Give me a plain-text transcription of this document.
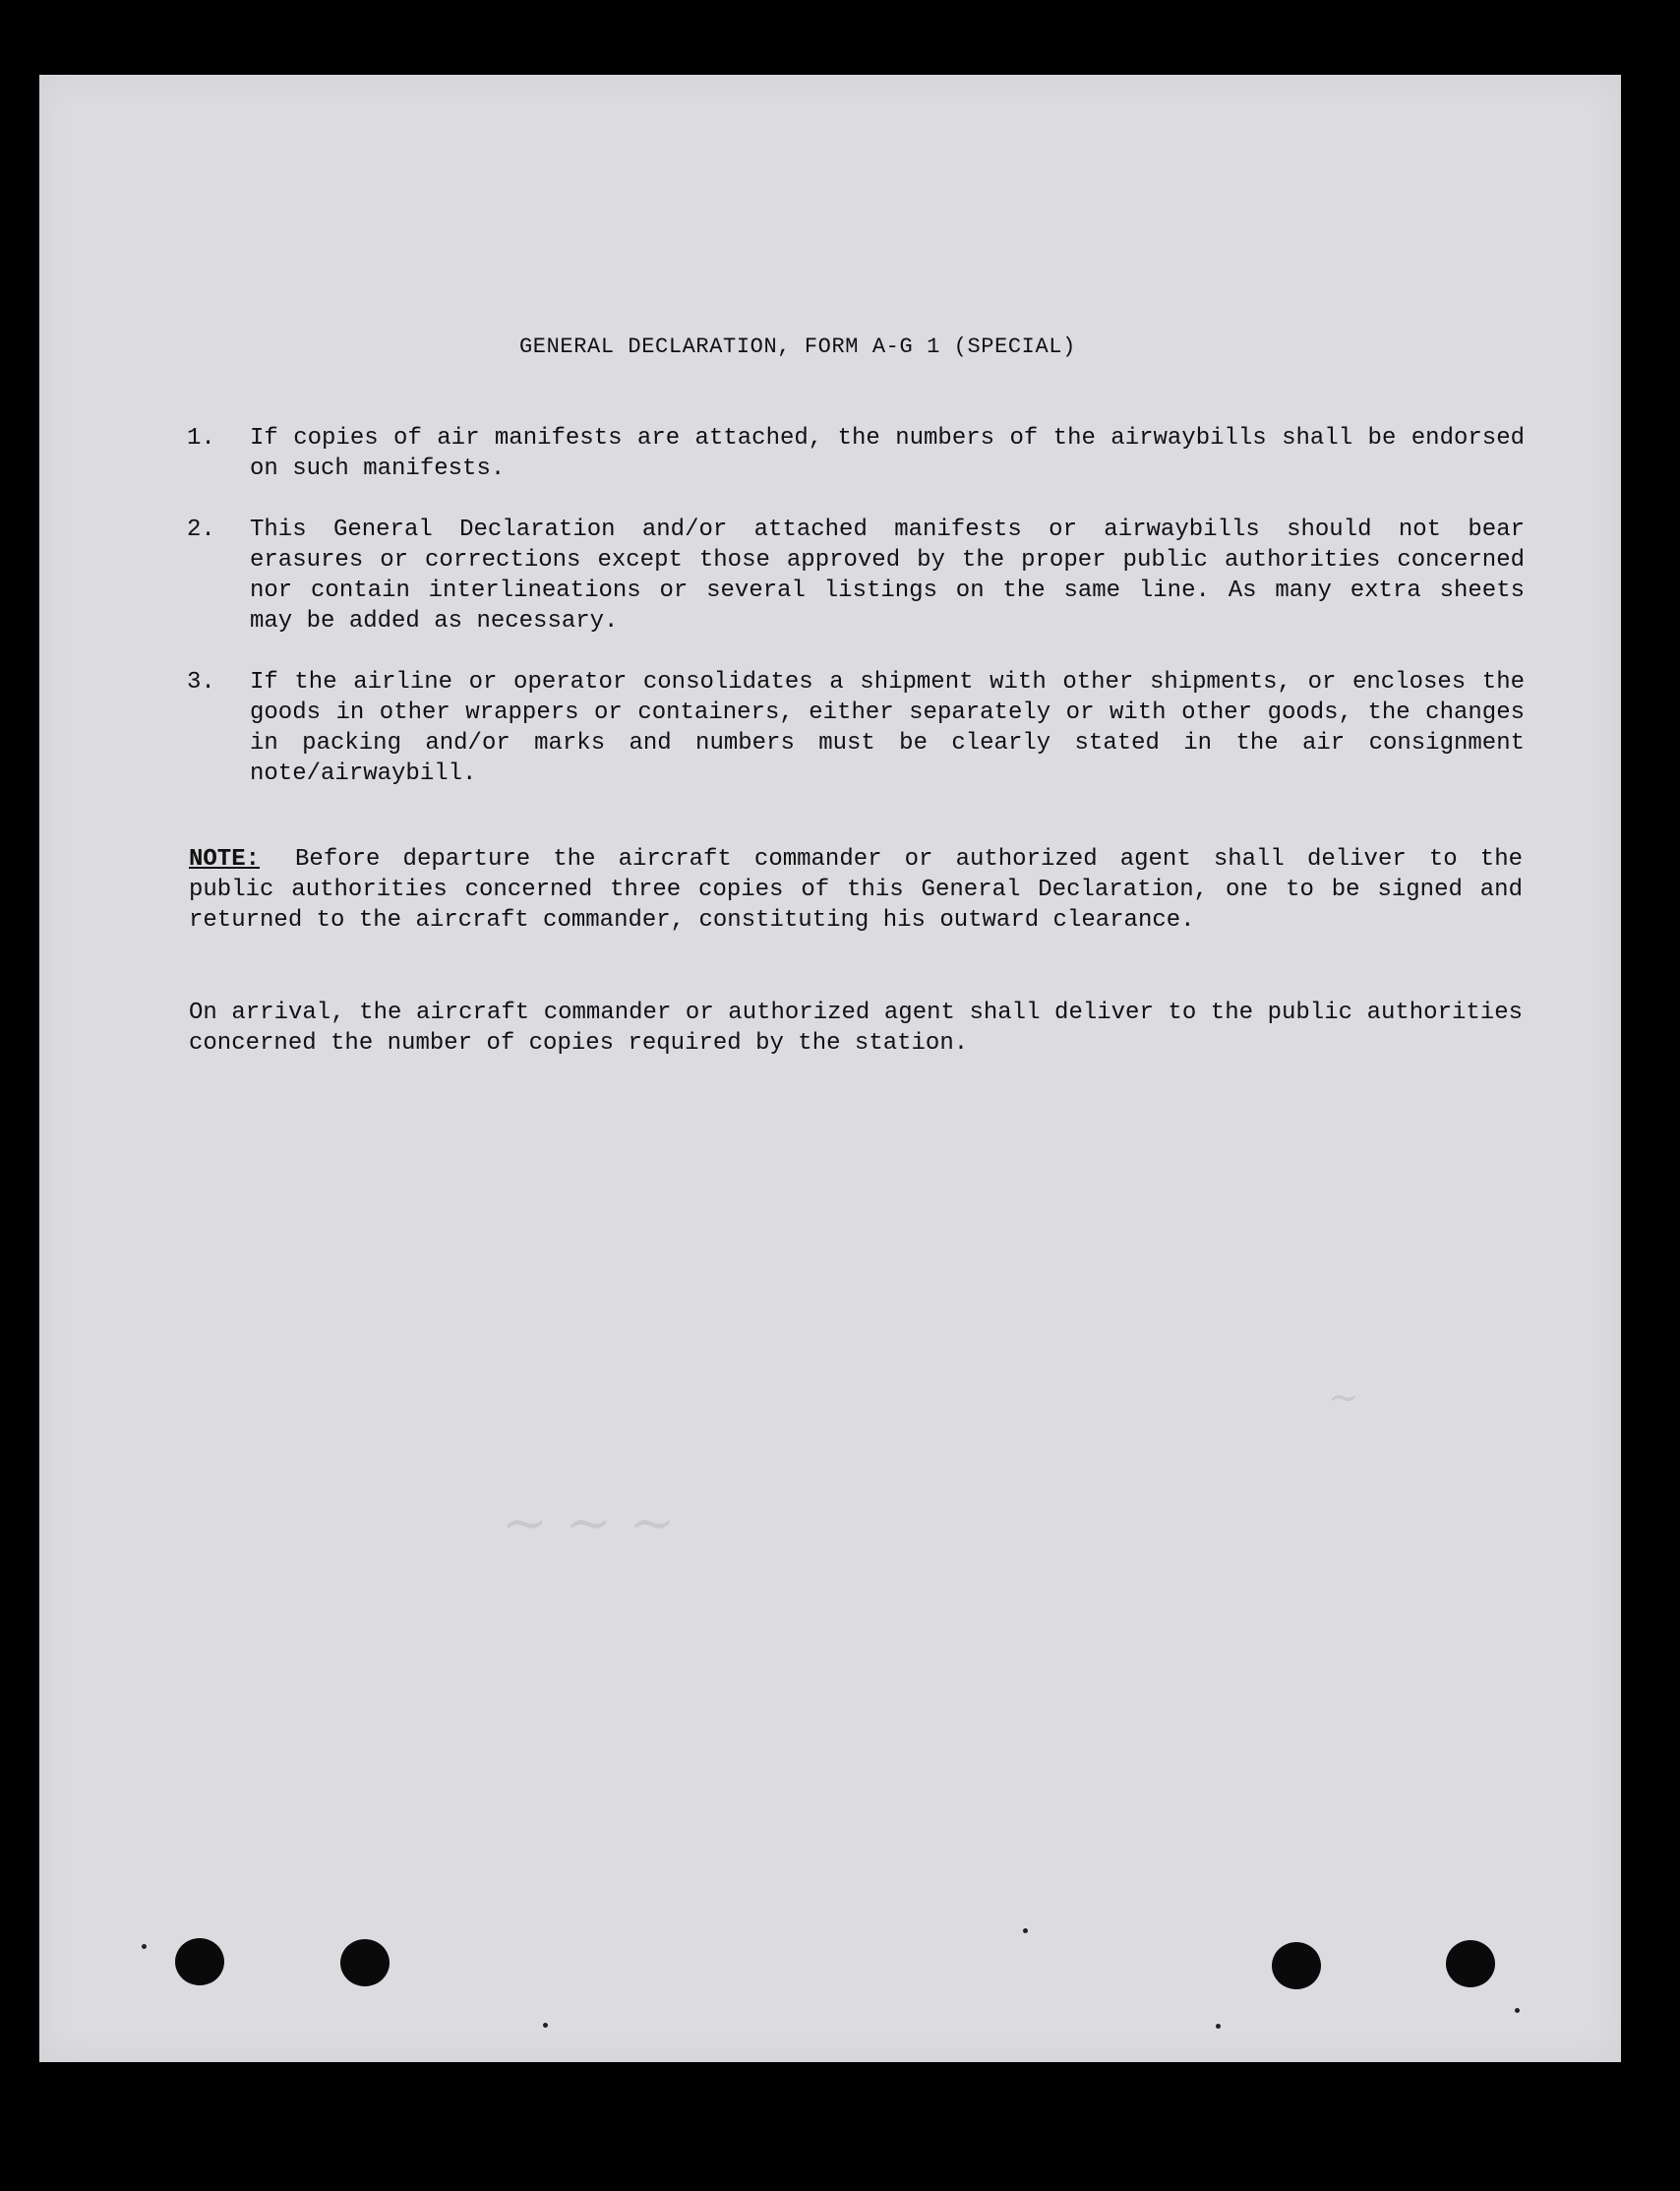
GENERAL DECLARATION, FORM A-G 1 (SPECIAL)
1.	If copies of air manifests are attached, the numbers of the airwaybills shall be endorsed on such manifests.
2.	This General Declaration and/or attached manifests or airwaybills should not bear erasures or corrections except those approved by the proper public authorities concerned nor contain interlineations or several listings on the same line. As many extra sheets may be added as necessary.
3.	If the airline or operator consolidates a shipment with other shipments, or encloses the goods in other wrappers or containers, either separately or with other goods, the changes in packing and/or marks and numbers must be clearly stated in the air consignment note/airwaybill.
NOTE: Before departure the aircraft commander or authorized agent shall deliver to the public authorities concerned three copies of this General Declaration, one to be signed and returned to the aircraft commander, constituting his outward clearance.
On arrival, the aircraft commander or authorized agent shall deliver to the public authorities concerned the number of copies required by the station.
~ ~ ~
~
